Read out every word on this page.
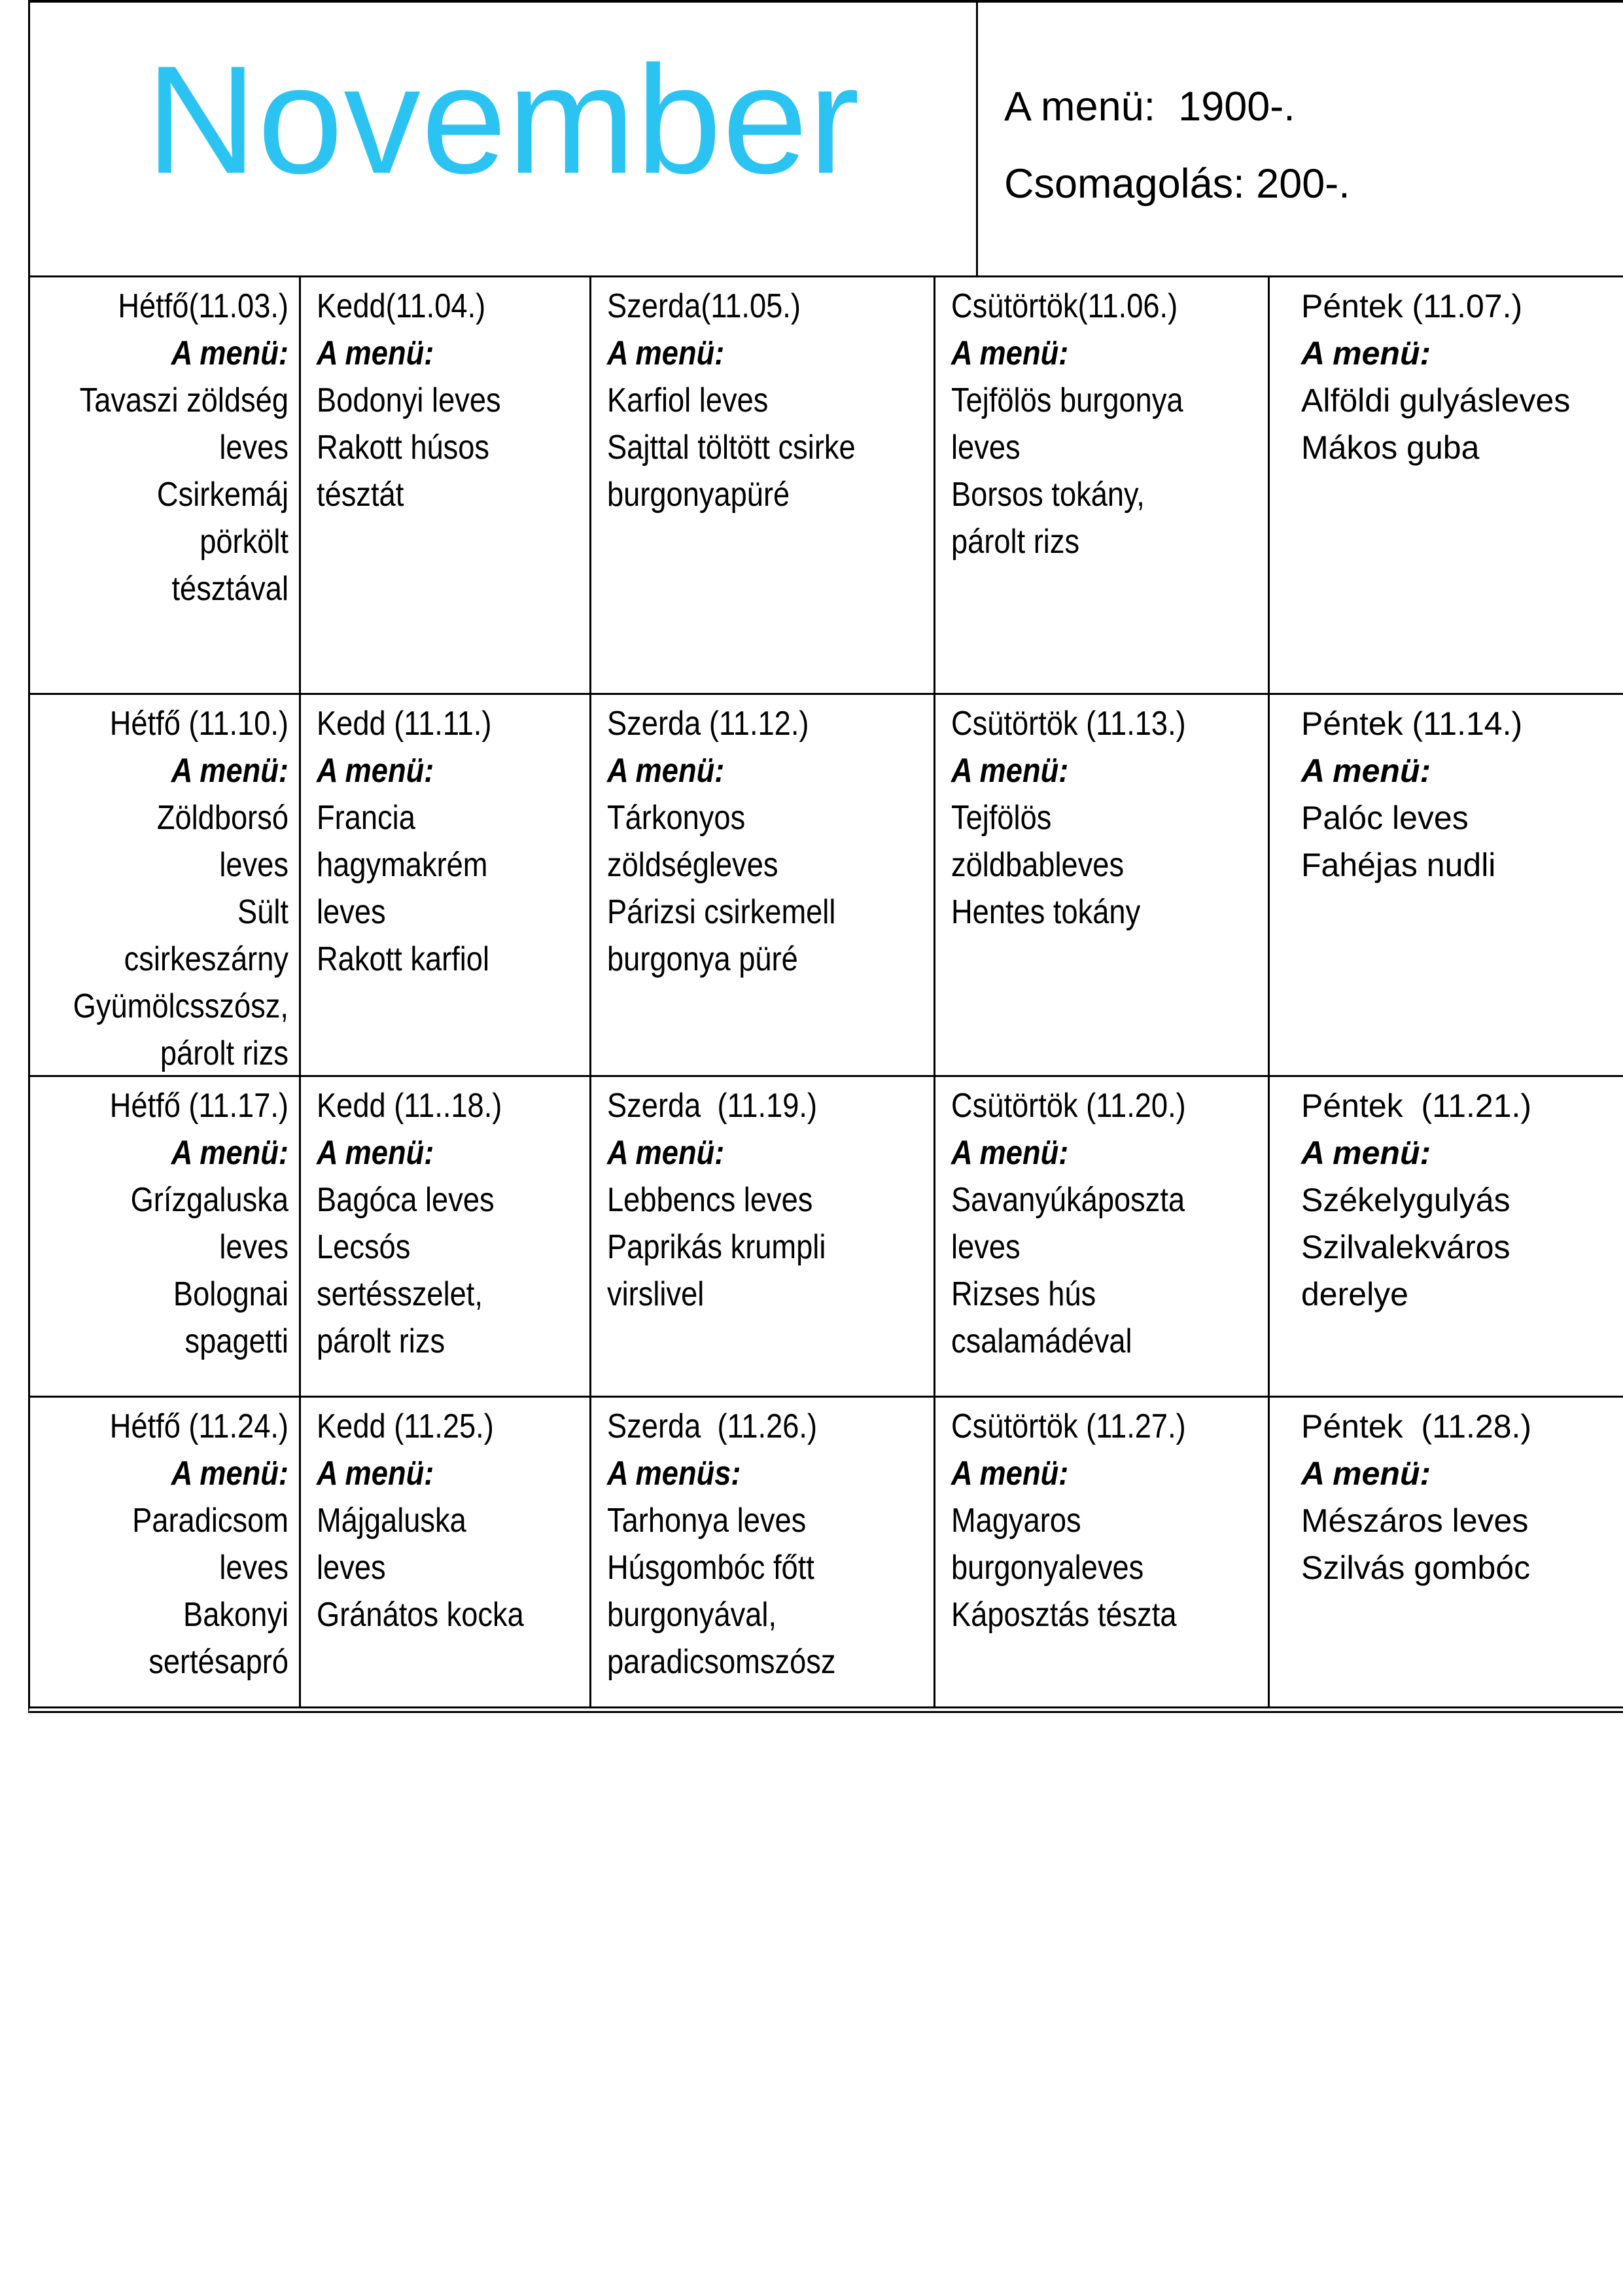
November	A menü:  1900-.
Csomagolás: 200-.
Hétfő(11.03.)
A menü:
Tavaszi zöldség
leves
Csirkemáj
pörkölt
tésztával
Kedd(11.04.)
A menü:
Bodonyi leves
Rakott húsos
tésztát
Szerda(11.05.)
A menü:
Karfiol leves
Sajttal töltött csirke
burgonyapüré
Csütörtök(11.06.)
A menü:
Tejfölös burgonya
leves
Borsos tokány,
párolt rizs
Péntek (11.07.)
A menü:
Alföldi gulyásleves
Mákos guba
Hétfő (11.10.)
A menü:
Zöldborsó
leves
Sült
csirkeszárny
Gyümölcsszósz,
párolt rizs
Kedd (11.11.)
A menü:
Francia
hagymakrém
leves
Rakott karfiol
Szerda (11.12.)
A menü:
Tárkonyos
zöldségleves
Párizsi csirkemell
burgonya püré
Csütörtök (11.13.)
A menü:
Tejfölös
zöldbableves
Hentes tokány
Péntek (11.14.)
A menü:
Palóc leves
Fahéjas nudli
Hétfő (11.17.)
A menü:
Grízgaluska
leves
Bolognai
spagetti
Kedd (11..18.)
A menü:
Bagóca leves
Lecsós
sertésszelet,
párolt rizs
Szerda  (11.19.)
A menü:
Lebbencs leves
Paprikás krumpli
virslivel
Csütörtök (11.20.)
A menü:
Savanyúkáposzta
leves
Rizses hús
csalamádéval
Péntek  (11.21.)
A menü:
Székelygulyás
Szilvalekváros
derelye
Hétfő (11.24.)
A menü:
Paradicsom
leves
Bakonyi
sertésapró
Kedd (11.25.)
A menü:
Májgaluska
leves
Gránátos kocka
Szerda  (11.26.)
A menüs:
Tarhonya leves
Húsgombóc főtt
burgonyával,
paradicsomszósz
Csütörtök (11.27.)
A menü:
Magyaros
burgonyaleves
Káposztás tészta
Péntek  (11.28.)
A menü:
Mészáros leves
Szilvás gombóc
